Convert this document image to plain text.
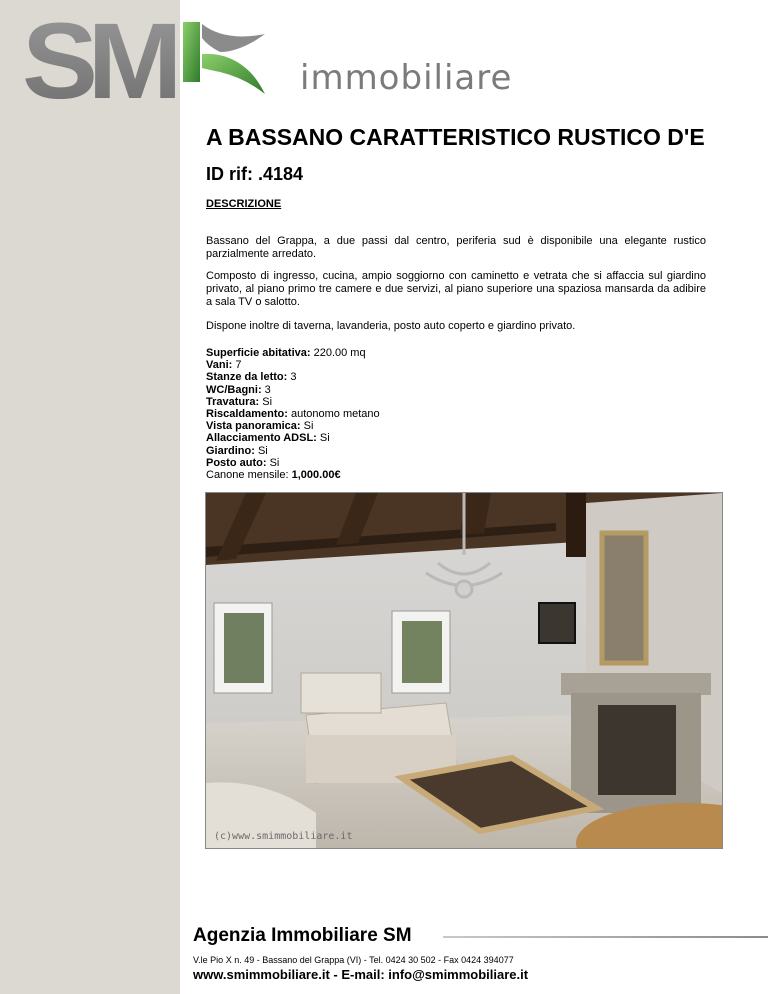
SM	immobiliare
A BASSANO CARATTERISTICO RUSTICO D'E
ID rif: .4184
DESCRIZIONE

Bassano del Grappa, a due passi dal centro, periferia sud è disponibile una elegante rustico parzialmente arredato.

Composto di ingresso, cucina, ampio soggiorno con caminetto e vetrata che si affaccia sul giardino privato, al piano primo tre camere e due servizi, al piano superiore una spaziosa mansarda da adibire a sala TV o salotto.

Dispone inoltre di taverna, lavanderia, posto auto coperto e giardino privato.

Superficie abitativa: 220.00 mq
Vani: 7
Stanze da letto: 3
WC/Bagni: 3
Travatura: Si
Riscaldamento: autonomo metano
Vista panoramica: Si
Allacciamento ADSL: Si
Giardino: Si
Posto auto: Si
Canone mensile: 1,000.00€
(c)www.smimmobiliare.it
Agenzia Immobiliare SM
V.le Pio X n. 49 - Bassano del Grappa (VI) - Tel. 0424 30 502 - Fax 0424 394077
www.smimmobiliare.it - E-mail: info@smimmobiliare.it
